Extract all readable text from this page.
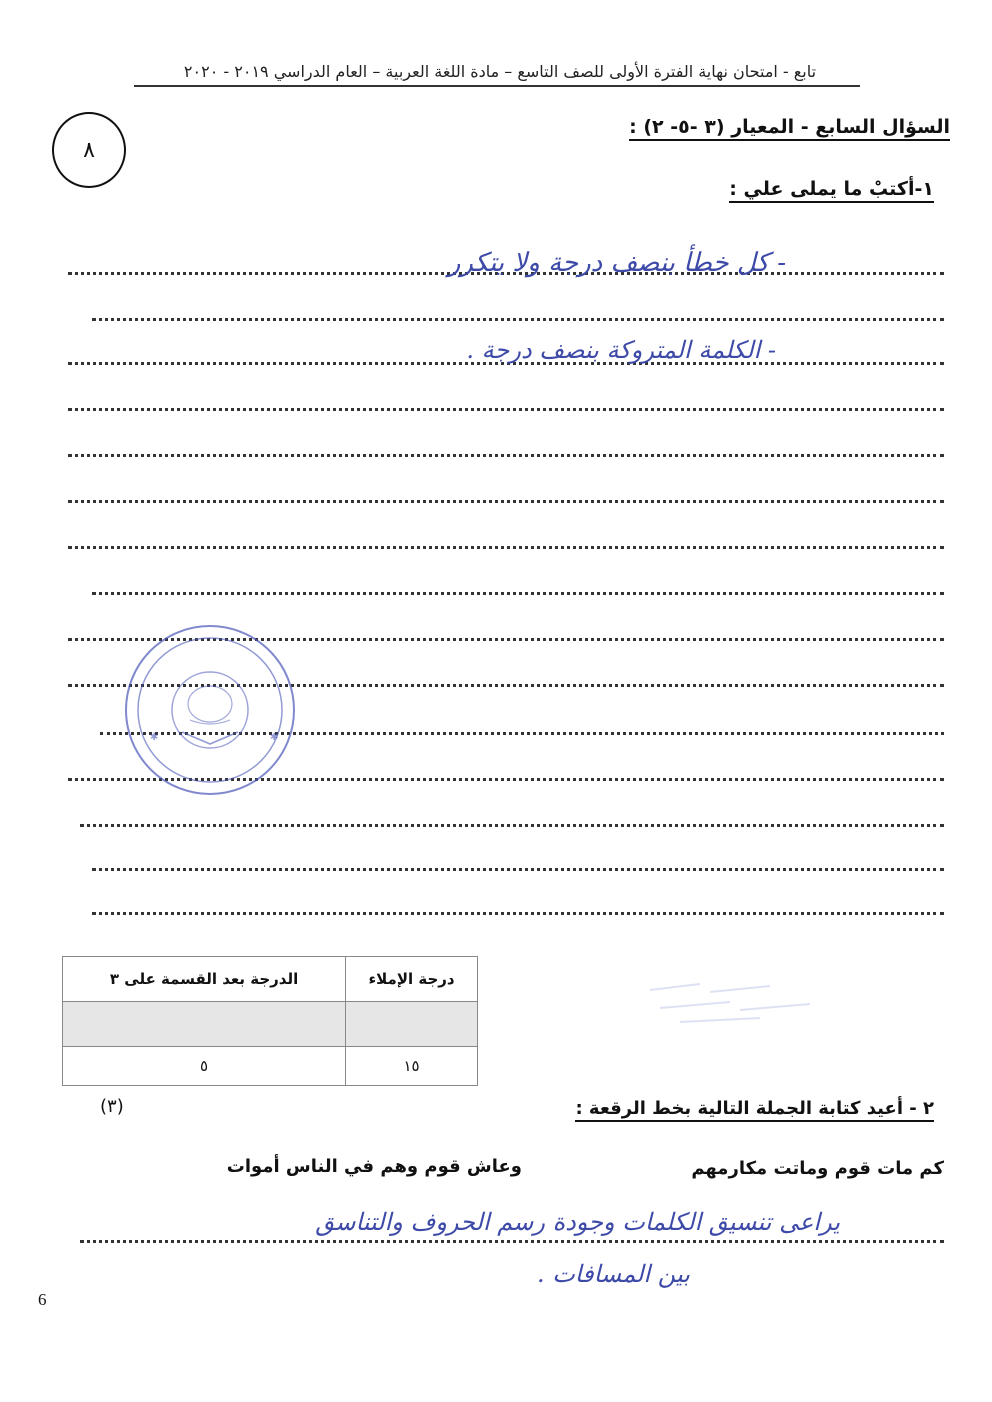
تابع - امتحان نهاية الفترة الأولى للصف التاسع – مادة اللغة العربية – العام الدراسي ٢٠١٩ - ٢٠٢٠
السؤال السابع - المعيار (٣ -٥- ٢) :
٨
١-أكتبْ ما يملى علي :
- كل خطأ بنصف درجة ولا يتكرر
- الكلمة المتروكة بنصف درجة .
✱	✱
درجة الإملاء	الدرجة بعد القسمة على ٣

١٥	٥
٢ - أعيد كتابة الجملة التالية بخط الرقعة :
(٣)
كم مات قوم وماتت مكارمهم
وعاش قوم وهم في الناس أموات
يراعى تنسيق الكلمات وجودة رسم الحروف والتناسق
بين المسافات .
6
